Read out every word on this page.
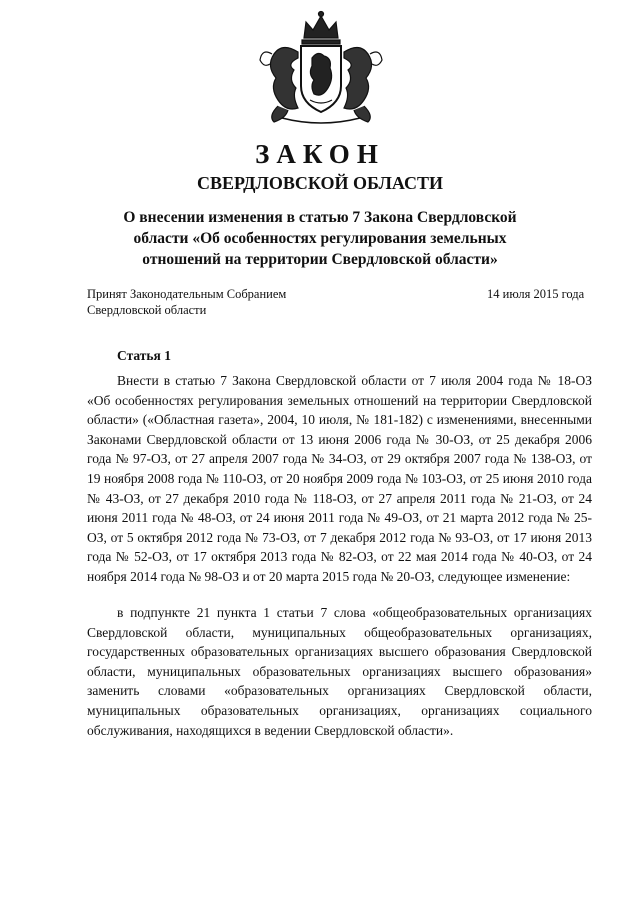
ЗАКОН
СВЕРДЛОВСКОЙ ОБЛАСТИ

О внесении изменения в статью 7 Закона Свердловской области «Об особенностях регулирования земельных отношений на территории Свердловской области»

Принят Законодательным Собранием Свердловской области

14 июля 2015 года

Статья 1

Внести в статью 7 Закона Свердловской области от 7 июля 2004 года № 18-ОЗ «Об особенностях регулирования земельных отношений на территории Свердловской области» («Областная газета», 2004, 10 июля, № 181-182) с изменениями, внесенными Законами Свердловской области от 13 июня 2006 года № 30-ОЗ, от 25 декабря 2006 года № 97-ОЗ, от 27 апреля 2007 года № 34-ОЗ, от 29 октября 2007 года № 138-ОЗ, от 19 ноября 2008 года № 110-ОЗ, от 20 ноября 2009 года № 103-ОЗ, от 25 июня 2010 года № 43-ОЗ, от 27 декабря 2010 года № 118-ОЗ, от 27 апреля 2011 года № 21-ОЗ, от 24 июня 2011 года № 48-ОЗ, от 24 июня 2011 года № 49-ОЗ, от 21 марта 2012 года № 25-ОЗ, от 5 октября 2012 года № 73-ОЗ, от 7 декабря 2012 года № 93-ОЗ, от 17 июня 2013 года № 52-ОЗ, от 17 октября 2013 года № 82-ОЗ, от 22 мая 2014 года № 40-ОЗ, от 24 ноября 2014 года № 98-ОЗ и от 20 марта 2015 года № 20-ОЗ, следующее изменение:

в подпункте 21 пункта 1 статьи 7 слова «общеобразовательных организациях Свердловской области, муниципальных общеобразовательных организациях, государственных образовательных организациях высшего образования Свердловской области, муниципальных образовательных организациях высшего образования» заменить словами «образовательных организациях Свердловской области, муниципальных образовательных организациях, организациях социального обслуживания, находящихся в ведении Свердловской области».
